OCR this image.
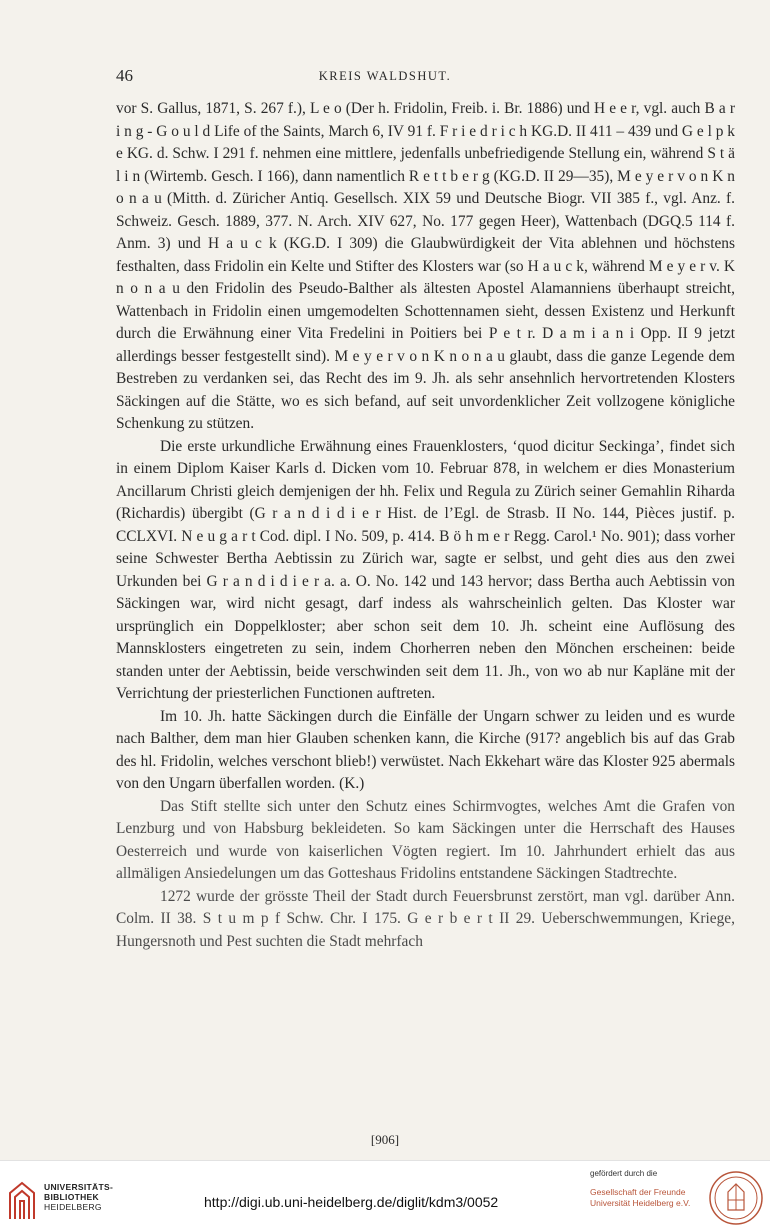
46	KREIS WALDSHUT.

vor S. Gallus, 1871, S. 267 f.), L e o (Der h. Fridolin, Freib. i. Br. 1886) und H e e r, vgl. auch B a r i n g - G o u l d Life of the Saints, March 6, IV 91 f. F r i e d r i c h KG.D. II 411 – 439 und G e l p k e KG. d. Schw. I 291 f. nehmen eine mittlere, jedenfalls unbefriedigende Stellung ein, während S t ä l i n (Wirtemb. Gesch. I 166), dann namentlich R e t t b e r g (KG.D. II 29—35), M e y e r v o n K n o n a u (Mitth. d. Züricher Antiq. Gesellsch. XIX 59 und Deutsche Biogr. VII 385 f., vgl. Anz. f. Schweiz. Gesch. 1889, 377. N. Arch. XIV 627, No. 177 gegen Heer), Wattenbach (DGQ.5 114 f. Anm. 3) und H a u c k (KG.D. I 309) die Glaubwürdigkeit der Vita ablehnen und höchstens festhalten, dass Fridolin ein Kelte und Stifter des Klosters war (so H a u c k, während M e y e r v. K n o n a u den Fridolin des Pseudo-Balther als ältesten Apostel Alamanniens überhaupt streicht, Wattenbach in Fridolin einen umgemodelten Schottennamen sieht, dessen Existenz und Herkunft durch die Erwähnung einer Vita Fredelini in Poitiers bei P e t r. D a m i a n i Opp. II 9 jetzt allerdings besser festgestellt sind). M e y e r v o n K n o n a u glaubt, dass die ganze Legende dem Bestreben zu verdanken sei, das Recht des im 9. Jh. als sehr ansehnlich hervortretenden Klosters Säckingen auf die Stätte, wo es sich befand, auf seit unvordenklicher Zeit vollzogene königliche Schenkung zu stützen.

Die erste urkundliche Erwähnung eines Frauenklosters, ‘quod dicitur Seckinga’, findet sich in einem Diplom Kaiser Karls d. Dicken vom 10. Februar 878, in welchem er dies Monasterium Ancillarum Christi gleich demjenigen der hh. Felix und Regula zu Zürich seiner Gemahlin Riharda (Richardis) übergibt (G r a n d i d i e r Hist. de l’Egl. de Strasb. II No. 144, Pièces justif. p. CCLXVI. N e u g a r t Cod. dipl. I No. 509, p. 414. B ö h m e r Regg. Carol.¹ No. 901); dass vorher seine Schwester Bertha Aebtissin zu Zürich war, sagte er selbst, und geht dies aus den zwei Urkunden bei G r a n d i d i e r a. a. O. No. 142 und 143 hervor; dass Bertha auch Aebtissin von Säckingen war, wird nicht gesagt, darf indess als wahrscheinlich gelten. Das Kloster war ursprünglich ein Doppelkloster; aber schon seit dem 10. Jh. scheint eine Auflösung des Mannsklosters eingetreten zu sein, indem Chorherren neben den Mönchen erscheinen: beide standen unter der Aebtissin, beide verschwinden seit dem 11. Jh., von wo ab nur Kapläne mit der Verrichtung der priesterlichen Functionen auftreten.

Im 10. Jh. hatte Säckingen durch die Einfälle der Ungarn schwer zu leiden und es wurde nach Balther, dem man hier Glauben schenken kann, die Kirche (917? angeblich bis auf das Grab des hl. Fridolin, welches verschont blieb!) verwüstet. Nach Ekkehart wäre das Kloster 925 abermals von den Ungarn überfallen worden. (K.)

Das Stift stellte sich unter den Schutz eines Schirmvogtes, welches Amt die Grafen von Lenzburg und von Habsburg bekleideten. So kam Säckingen unter die Herrschaft des Hauses Oesterreich und wurde von kaiserlichen Vögten regiert. Im 10. Jahrhundert erhielt das aus allmäligen Ansiedelungen um das Gotteshaus Fridolins entstandene Säckingen Stadtrechte.

1272 wurde der grösste Theil der Stadt durch Feuersbrunst zerstört, man vgl. darüber Ann. Colm. II 38. S t u m p f Schw. Chr. I 175. G e r b e r t II 29. Ueberschwemmungen, Kriege, Hungersnoth und Pest suchten die Stadt mehrfach

[906]

UNIVERSITÄTS-
BIBLIOTHEK
HEIDELBERG	http://digi.ub.uni-heidelberg.de/diglit/kdm3/0052
gefördert durch die
Gesellschaft der Freunde
Universität Heidelberg e.V.
